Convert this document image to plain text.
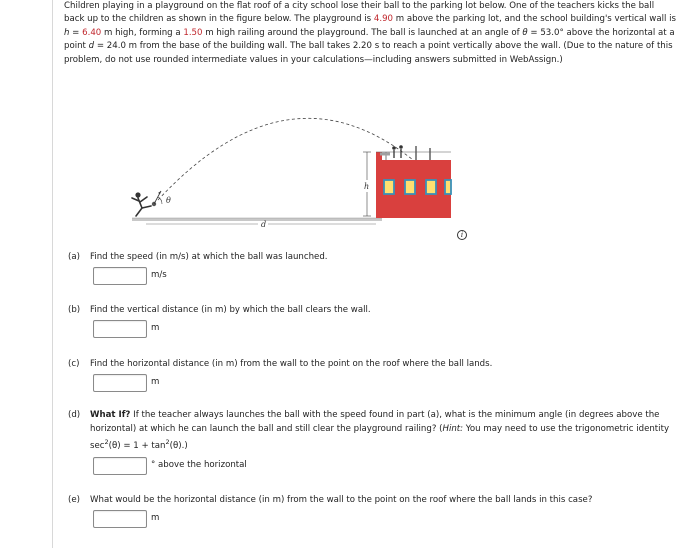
Children playing in a playground on the flat roof of a city school lose their ball to the parking lot below. One of the teachers kicks the ball back up to the children as shown in the figure below. The playground is 4.90 m above the parking lot, and the school building's vertical wall is h = 6.40 m high, forming a 1.50 m high railing around the playground. The ball is launched at an angle of θ = 53.0° above the horizontal at a point d = 24.0 m from the base of the building wall. The ball takes 2.20 s to reach a point vertically above the wall. (Due to the nature of this problem, do not use rounded intermediate values in your calculations—including answers submitted in WebAssign.)
d
θ
h
i
(a) Find the speed (in m/s) at which the ball was launched.
m/s
(b) Find the vertical distance (in m) by which the ball clears the wall.
m
(c) Find the horizontal distance (in m) from the wall to the point on the roof where the ball lands.
m
(d) What If? If the teacher always launches the ball with the speed found in part (a), what is the minimum angle (in degrees above the horizontal) at which he can launch the ball and still clear the playground railing? (Hint: You may need to use the trigonometric identity $\sec^2(\theta) = 1 + \tan^2(\theta)$.)
° above the horizontal
(e) What would be the horizontal distance (in m) from the wall to the point on the roof where the ball lands in this case?
m
